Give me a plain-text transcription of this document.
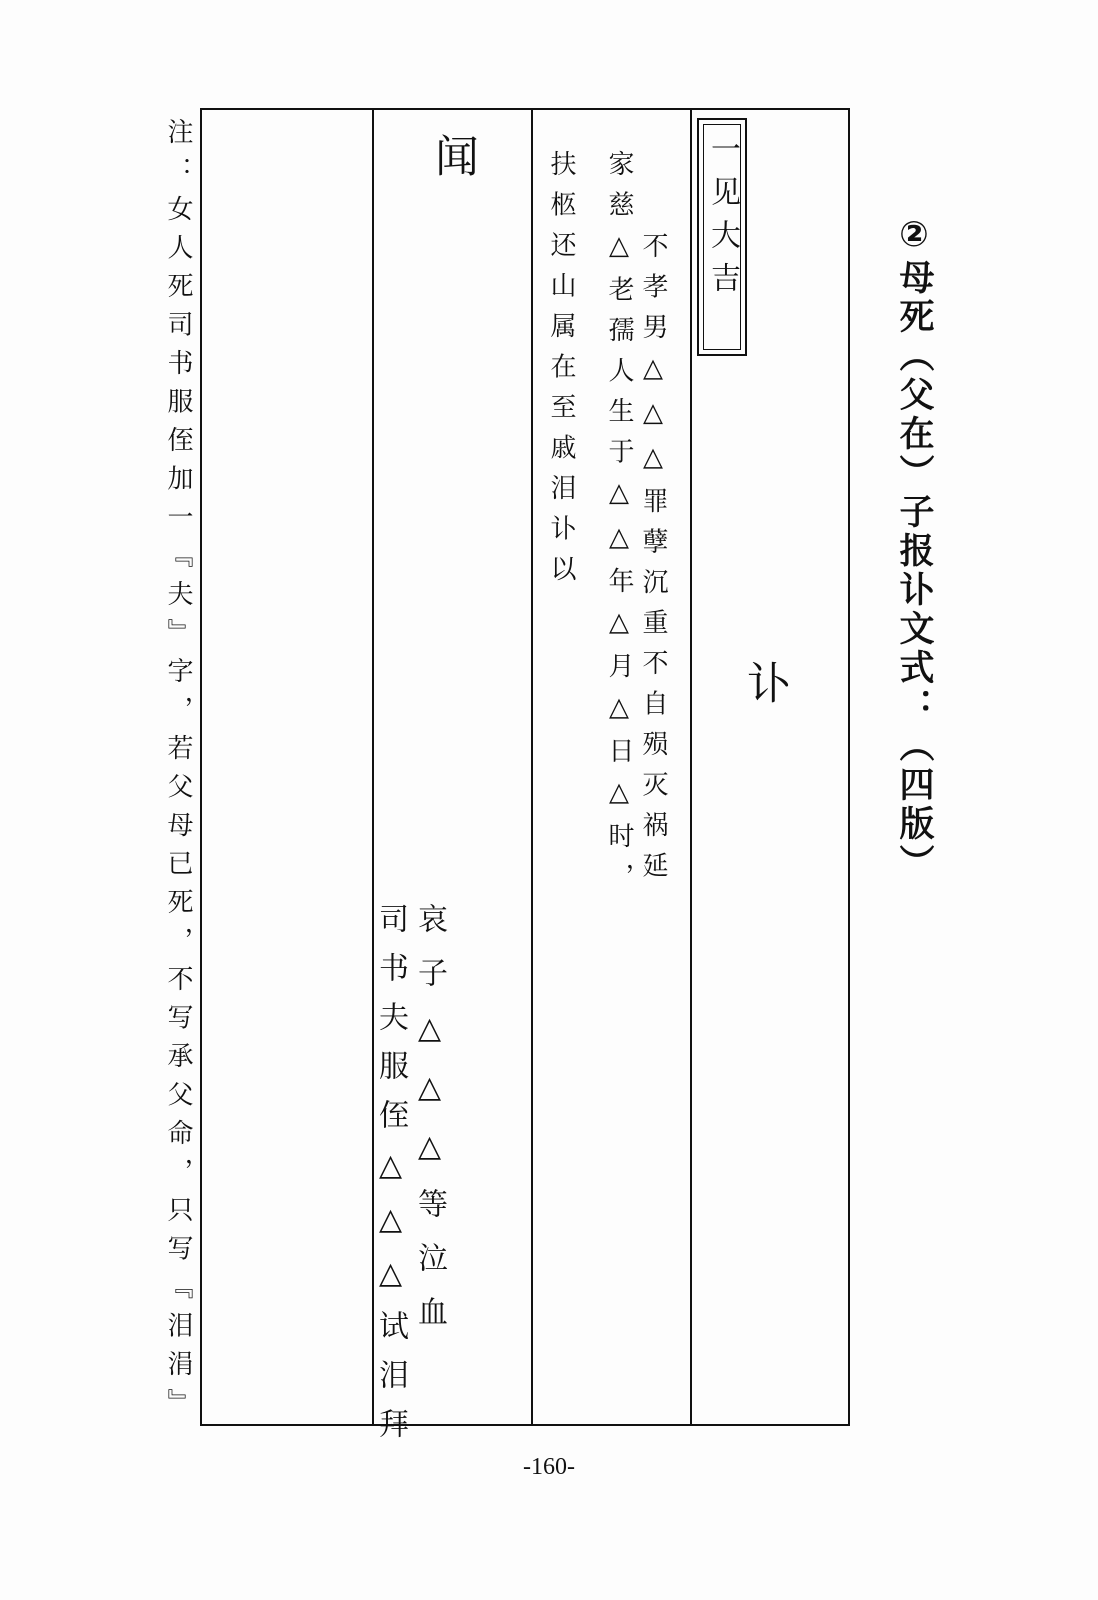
②母死（父在）子报讣文式：（四版）
一见大吉
讣
闻
不孝男△△△罪孽沉重不自殒灭祸延
家慈△老孺人生于△△年△月△日△时，
扶柩还山属在至戚泪讣以
哀子△△△等泣血
司书夫服侄△△△试泪拜
注：女人死司书服侄加一『夫』字，若父母已死，不写承父命，只写『泪涓』
-160-
